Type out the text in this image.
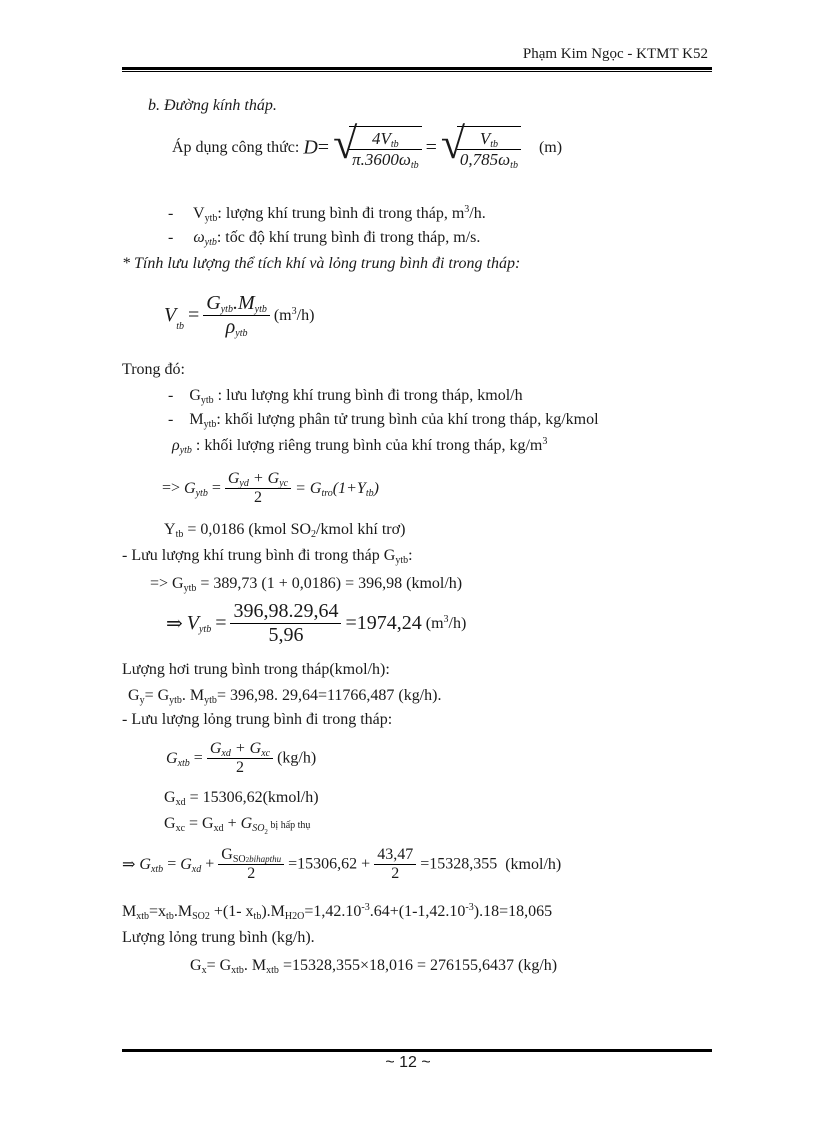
Phạm Kim Ngọc - KTMT K52
b. Đường kính tháp.
Áp dụng công thức: D= √
$\frac{4V_{tb}}{\pi.3600\omega_{tb}}$ = √
$\frac{V_{tb}}{0,785\omega_{tb}} (m)$
- $V_{ytb}$: lượng khí trung bình đi trong tháp, $m^3/h$.
- $\omega_{ytb}$: tốc độ khí trung bình đi trong tháp, m/s.
* Tính lưu lượng thể tích khí và lỏng trung bình đi trong tháp:
$V_{tb} = \frac{G_{ytb}.M_{ytb}}{\rho_{ytb}} (m^3/h)$
Trong đó:
- $G_{ytb}$ : lưu lượng khí trung bình đi trong tháp, kmol/h
- $M_{ytb}$: khối lượng phân tử trung bình của khí trong tháp, kg/kmol
$\rho_{ytb}$ : khối lượng riêng trung bình của khí trong tháp, $kg/m^3$
=> $G_{ytb} = \frac{G_{yd} + G_{yc}}{2} = G_{tro}(1+Y_{tb})$
$Y_{tb} = 0,0186$ (kmol $SO_2$/kmol khí trơ)
- Lưu lượng khí trung bình đi trong tháp $G_{ytb}$:
=> $G_{ytb} = 389,73$ (1 + 0,0186) = 396,98 (kmol/h)
⇒ $V_{ytb} = \frac{396,98.29,64}{5,96} =1974,24$ $(m^3/h)$
Lượng hơi trung bình trong tháp(kmol/h):
$G_y= G_{ytb}$. $M_{ytb}= 396,98$. 29,64=11766,487 (kg/h).
- Lưu lượng lỏng trung bình đi trong tháp:
$G_{xtb} = \frac{G_{xd} + G_{xc}}{2} (kg/h)$
$G_{xd}$ = 15306,62(kmol/h)
$G_{xc} = G_{xd} + G_{SO2}$ bị hấp thụ
⇒ $G_{xtb} = G_{xd} + \frac{G_{SO2bihapthu}}{2} =15306,62 + \frac{43,47}{2} =15328,355$ (kmol/h)
$M_{xtb}=x_{tb}.M_{SO2} +(1-$ $x_{tb}).M_{H2O}=1,42.10^{-3}.64+(1-1,42.10^{-3}).18=18,065$
Lượng lỏng trung bình (kg/h).
$G_x= G_{xtb}$. $M_{xtb} =15328,355\times 18,016 = 276155,6437$ (kg/h)
~ 12 ~
